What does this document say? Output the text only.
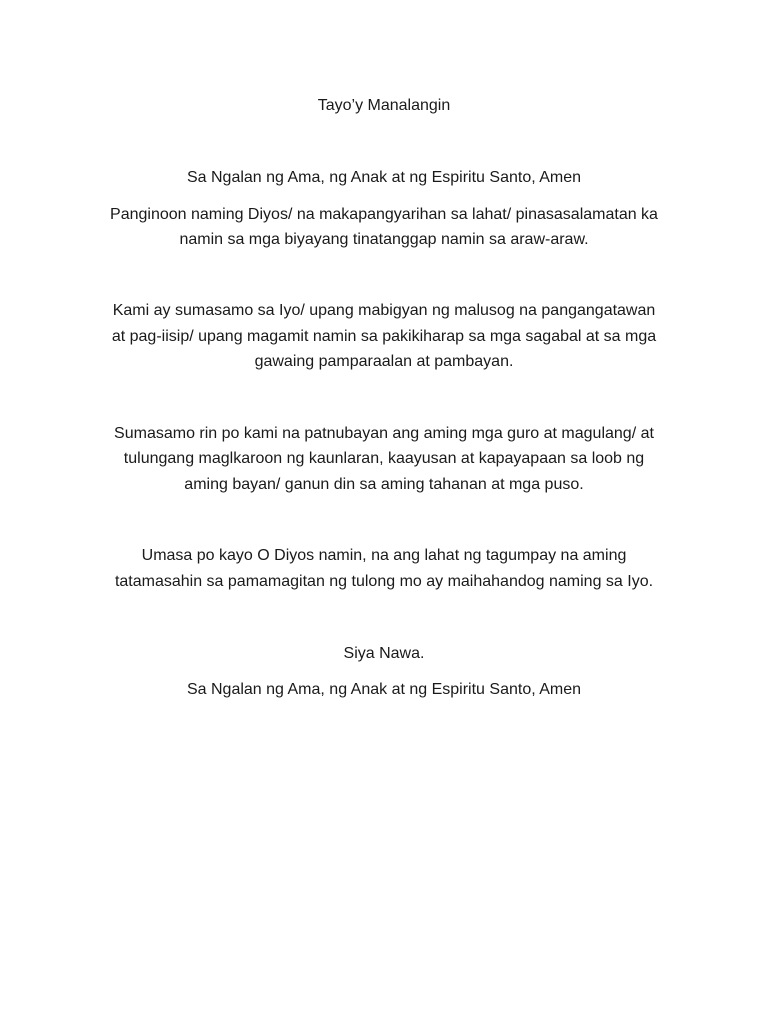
Tayo’y Manalangin

Sa Ngalan ng Ama, ng Anak at ng Espiritu Santo, Amen

Panginoon naming Diyos/ na makapangyarihan sa lahat/ pinasasalamatan ka

namin sa mga biyayang tinatanggap namin sa araw-araw.

Kami ay sumasamo sa Iyo/ upang mabigyan ng malusog na pangangatawan

at pag-iisip/ upang magamit namin sa pakikiharap sa mga sagabal at sa mga

gawaing pamparaalan at pambayan.

Sumasamo rin po kami na patnubayan ang aming mga guro at magulang/ at

tulungang maglkaroon ng kaunlaran, kaayusan at kapayapaan sa loob ng

aming bayan/ ganun din sa aming tahanan at mga puso.

Umasa po kayo O Diyos namin, na ang lahat ng tagumpay na aming

tatamasahin sa pamamagitan ng tulong mo ay maihahandog naming sa Iyo.

Siya Nawa.

Sa Ngalan ng Ama, ng Anak at ng Espiritu Santo, Amen
